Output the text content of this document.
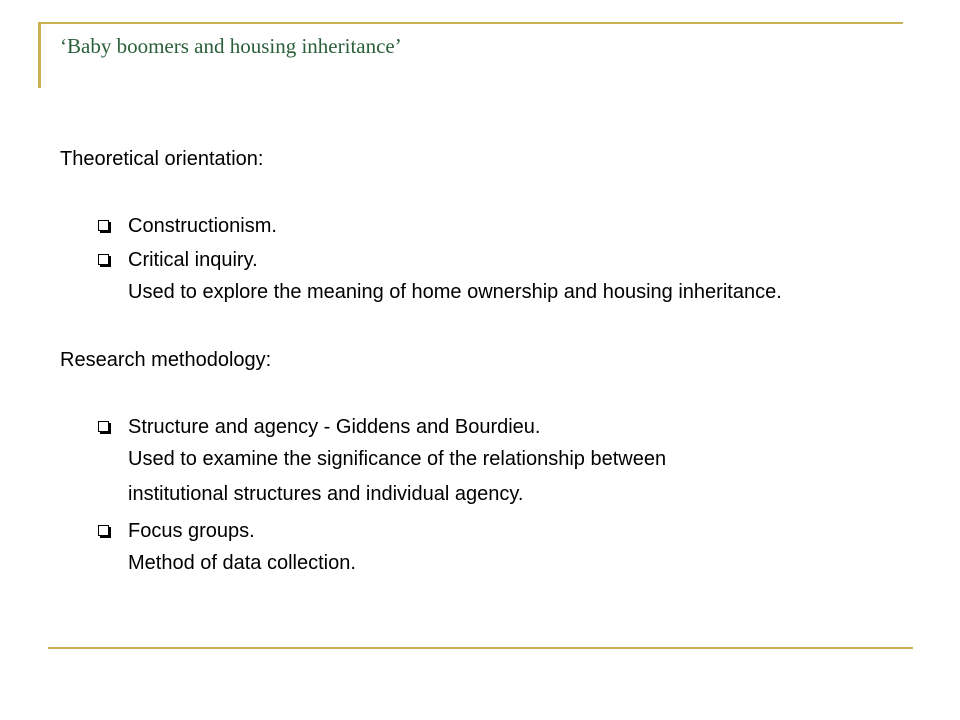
‘Baby boomers and housing inheritance’
Theoretical orientation:
Constructionism.
Critical inquiry.
Used to explore the meaning of home ownership and housing inheritance.
Research methodology:
Structure and agency - Giddens and Bourdieu.
Used to examine the significance of the relationship between
institutional structures and individual agency.
Focus groups.
Method of data collection.
